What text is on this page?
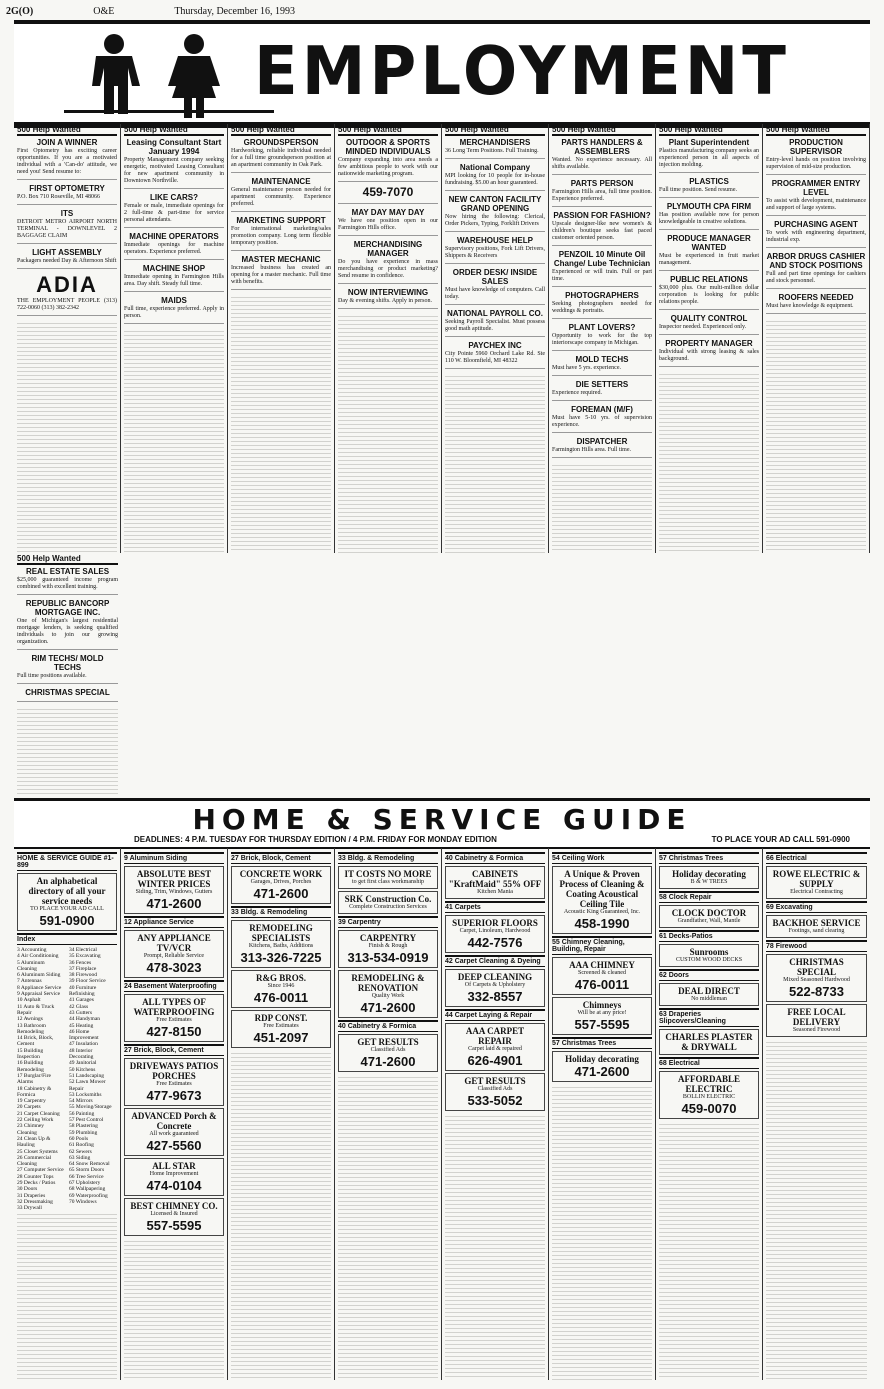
2G(O)	O&E	Thursday, December 16, 1993
EMPLOYMENT
500 Help Wanted
JOIN A WINNER

First Optometry has exciting career opportunities. If you are a motivated individual with a 'Can-do' attitude, we need you! Send resume to:

FIRST OPTOMETRY

P.O. Box 710 Roseville, MI 48066

ITS

DETROIT METRO AIRPORT NORTH TERMINAL - DOWNLEVEL 2 BAGGAGE CLAIM

LIGHT ASSEMBLY

Packagers needed Day & Afternoon Shift

ADIA

THE EMPLOYMENT PEOPLE (313) 722-0060 (313) 382-2342

500 Help Wanted
Leasing Consultant Start January 1994

Property Management company seeking energetic, motivated Leasing Consultant for new apartment community in Downtown Northville.

LIKE CARS?

Female or male, immediate openings for 2 full-time & part-time for service personal attendants.

MACHINE OPERATORS

Immediate openings for machine operators. Experience preferred.

MACHINE SHOP

Immediate opening in Farmington Hills area. Day shift. Steady full time.

MAIDS

Full time, experience preferred. Apply in person.

500 Help Wanted
GROUNDSPERSON

Hardworking, reliable individual needed for a full time groundsperson position at an apartment community in Oak Park.

MAINTENANCE

General maintenance person needed for apartment community. Experience preferred.

MARKETING SUPPORT

For international marketing/sales promotion company. Long term flexible temporary position.

MASTER MECHANIC

Increased business has created an opening for a master mechanic. Full time with benefits.

500 Help Wanted
OUTDOOR & SPORTS MINDED INDIVIDUALS

Company expanding into area needs a few ambitious people to work with our nationwide marketing program.

459-7070
MAY DAY MAY DAY

We have one position open in our Farmington Hills office.

MERCHANDISING MANAGER

Do you have experience in mass merchandising or product marketing? Send resume in confidence.

NOW INTERVIEWING

Day & evening shifts. Apply in person.

500 Help Wanted
MERCHANDISERS

36 Long Term Positions. Full Training.

National Company

MPI looking for 10 people for in-house fundraising. $5.00 an hour guaranteed.

NEW CANTON FACILITY GRAND OPENING

Now hiring the following: Clerical, Order Pickers, Typing, Forklift Drivers

WAREHOUSE HELP

Supervisory positions, Fork Lift Drivers, Shippers & Receivers

ORDER DESK/ INSIDE SALES

Must have knowledge of computers. Call today.

NATIONAL PAYROLL CO.

Seeking Payroll Specialist. Must possess good math aptitude.

PAYCHEX INC

City Pointe 5960 Orchard Lake Rd. Ste 110 W. Bloomfield, MI 48322

500 Help Wanted
PARTS HANDLERS & ASSEMBLERS

Wanted. No experience necessary. All shifts available.

PARTS PERSON

Farmington Hills area, full time position. Experience preferred.

PASSION FOR FASHION?

Upscale designer-like new women's & children's boutique seeks fast paced customer oriented person.

PENZOIL 10 Minute Oil Change/ Lube Technician

Experienced or will train. Full or part time.

PHOTOGRAPHERS

Seeking photographers needed for weddings & portraits.

PLANT LOVERS?

Opportunity to work for the top interiorscape company in Michigan.

MOLD TECHS

Must have 5 yrs. experience.

DIE SETTERS

Experience required.

FOREMAN (M/F)

Must have 5-10 yrs. of supervision experience.

DISPATCHER

Farmington Hills area. Full time.

500 Help Wanted
Plant Superintendent

Plastics manufacturing company seeks an experienced person in all aspects of injection molding.

PLASTICS

Full time position. Send resume.

PLYMOUTH CPA FIRM

Has position available now for person knowledgeable in creative solutions.

PRODUCE MANAGER WANTED

Must be experienced in fruit market management.

PUBLIC RELATIONS

$30,000 plus. Our multi-million dollar corporation is looking for public relations people.

QUALITY CONTROL

Inspector needed. Experienced only.

PROPERTY MANAGER

Individual with strong leasing & sales background.

500 Help Wanted
PRODUCTION SUPERVISOR

Entry-level hands on position involving supervision of mid-size production.

PROGRAMMER ENTRY LEVEL

To assist with development, maintenance and support of large systems.

PURCHASING AGENT

To work with engineering department, industrial exp.

ARBOR DRUGS CASHIER AND STOCK POSITIONS

Full and part time openings for cashiers and stock personnel.

ROOFERS NEEDED

Must have knowledge & equipment.

500 Help Wanted
REAL ESTATE SALES

$25,000 guaranteed income program combined with excellent training.

REPUBLIC BANCORP MORTGAGE INC.

One of Michigan's largest residential mortgage lenders, is seeking qualified individuals to join our growing organization.

RIM TECHS/ MOLD TECHS

Full time positions available.

CHRISTMAS SPECIAL
HOME & SERVICE GUIDE
DEADLINES: 4 P.M. TUESDAY FOR THURSDAY EDITION / 4 P.M. FRIDAY FOR MONDAY EDITION	TO PLACE YOUR AD CALL 591-0900
HOME & SERVICE GUIDE #1-899
An alphabetical directory of all your service needs
TO PLACE YOUR AD CALL
591-0900
Index
3 Accounting
4 Air Conditioning
5 Aluminum Cleaning
6 Aluminum Siding
7 Antennas
8 Appliance Service
9 Appraisal Service
10 Asphalt
11 Auto & Truck Repair
12 Awnings
13 Bathroom Remodeling
14 Brick, Block, Cement
15 Building Inspection
16 Building Remodeling
17 Burglar/Fire Alarms
18 Cabinetry & Formica
19 Carpentry
20 Carpets
21 Carpet Cleaning
22 Ceiling Work
23 Chimney Cleaning
24 Clean Up & Hauling
25 Closet Systems
26 Commercial Cleaning
27 Computer Service
28 Counter Tops
29 Decks / Patios
30 Doors
31 Draperies
32 Dressmaking
33 Drywall
34 Electrical
35 Excavating
36 Fences
37 Fireplace
38 Firewood
39 Floor Service
40 Furniture Refinishing
41 Garages
42 Glass
43 Gutters
44 Handyman
45 Heating
46 Home Improvement
47 Insulation
48 Interior Decorating
49 Janitorial
50 Kitchens
51 Landscaping
52 Lawn Mower Repair
53 Locksmiths
54 Mirrors
55 Moving/Storage
56 Painting
57 Pest Control
58 Plastering
59 Plumbing
60 Pools
61 Roofing
62 Sewers
63 Siding
64 Snow Removal
65 Storm Doors
66 Tree Service
67 Upholstery
68 Wallpapering
69 Waterproofing
70 Windows
9 Aluminum Siding
ABSOLUTE BEST WINTER PRICES
Siding, Trim, Windows, Gutters
471-2600
12 Appliance Service
ANY APPLIANCE TV/VCR
Prompt, Reliable Service
478-3023
24 Basement Waterproofing
ALL TYPES OF WATERPROOFING
Free Estimates
427-8150
27 Brick, Block, Cement
DRIVEWAYS PATIOS PORCHES
Free Estimates
477-9673
ADVANCED Porch & Concrete
All work guaranteed
427-5560
ALL STAR
Home Improvement
474-0104
BEST CHIMNEY CO.
Licensed & Insured
557-5595
27 Brick, Block, Cement
CONCRETE WORK
Garages, Drives, Porches
471-2600
33 Bldg. & Remodeling
REMODELING SPECIALISTS
Kitchens, Baths, Additions
313-326-7225
R&G BROS.
Since 1946
476-0011
RDP CONST.
Free Estimates
451-2097
33 Bldg. & Remodeling
IT COSTS NO MORE
to get first class workmanship
SRK Construction Co.
Complete Construction Services
39 Carpentry
CARPENTRY
Finish & Rough
313-534-0919
REMODELING & RENOVATION
Quality Work
471-2600
40 Cabinetry & Formica
GET RESULTS
Classified Ads
471-2600
40 Cabinetry & Formica
CABINETS "KraftMaid" 55% OFF
Kitchen Mania
41 Carpets
SUPERIOR FLOORS
Carpet, Linoleum, Hardwood
442-7576
42 Carpet Cleaning & Dyeing
DEEP CLEANING
Of Carpets & Upholstery
332-8557
44 Carpet Laying & Repair
AAA CARPET REPAIR
Carpet laid & repaired
626-4901
GET RESULTS
Classified Ads
533-5052
54 Ceiling Work
A Unique & Proven Process of Cleaning & Coating Acoustical Ceiling Tile
Acoustic King Guaranteed, Inc.
458-1990
55 Chimney Cleaning, Building, Repair
AAA CHIMNEY
Screened & cleaned
476-0011
Chimneys
Will be at any price!
557-5595
57 Christmas Trees
Holiday decorating
471-2600
57 Christmas Trees
Holiday decorating
B & W TREES
58 Clock Repair
CLOCK DOCTOR
Grandfather, Wall, Mantle
61 Decks-Patios
Sunrooms
CUSTOM WOOD DECKS
62 Doors
DEAL DIRECT
No middleman
63 Draperies Slipcovers/Cleaning
CHARLES PLASTER & DRYWALL
68 Electrical
AFFORDABLE ELECTRIC
BOLLIN ELECTRIC
459-0070
66 Electrical
ROWE ELECTRIC & SUPPLY
Electrical Contracting
69 Excavating
BACKHOE SERVICE
Footings, sand clearing
78 Firewood
CHRISTMAS SPECIAL
Mixed Seasoned Hardwood
522-8733
FREE LOCAL DELIVERY
Seasoned Firewood
